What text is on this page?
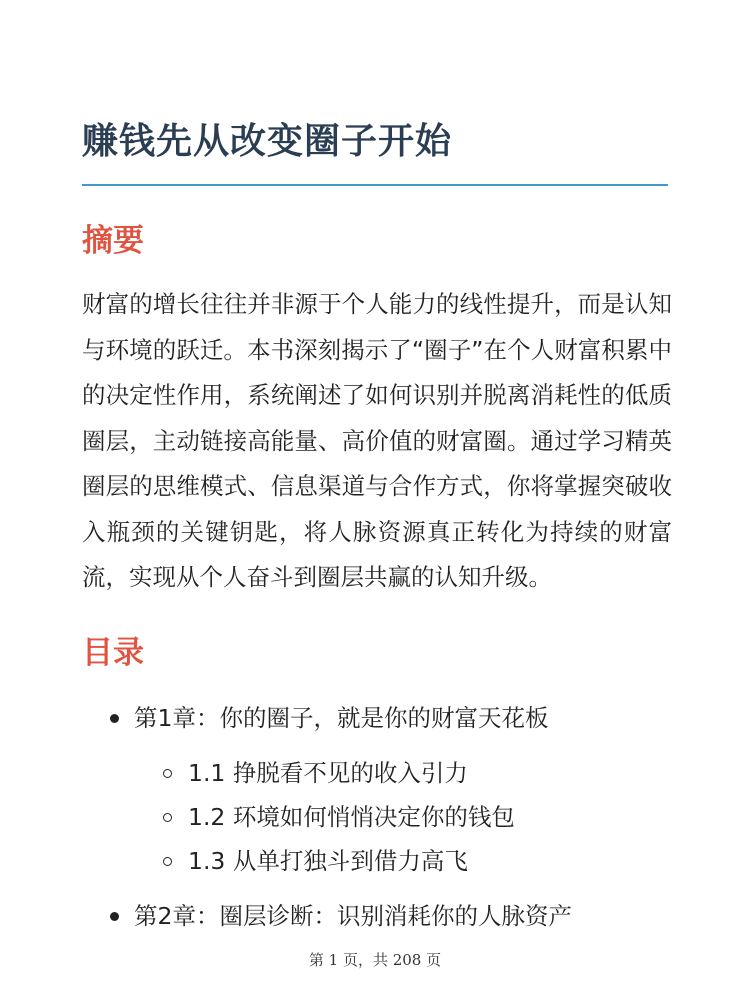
赚钱先从改变圈子开始
摘要

财富的增长往往并非源于个人能力的线性提升，而是认知与环境的跃迁。本书深刻揭示了“圈子”在个人财富积累中的决定性作用，系统阐述了如何识别并脱离消耗性的低质圈层，主动链接高能量、高价值的财富圈。通过学习精英圈层的思维模式、信息渠道与合作方式，你将掌握突破收入瓶颈的关键钥匙，将人脉资源真正转化为持续的财富流，实现从个人奋斗到圈层共赢的认知升级。

目录

第1章：你的圈子，就是你的财富天花板

1.1 挣脱看不见的收入引力

1.2 环境如何悄悄决定你的钱包

1.3 从单打独斗到借力高飞

第2章：圈层诊断：识别消耗你的人脉资产

第 1 页，共 208 页
